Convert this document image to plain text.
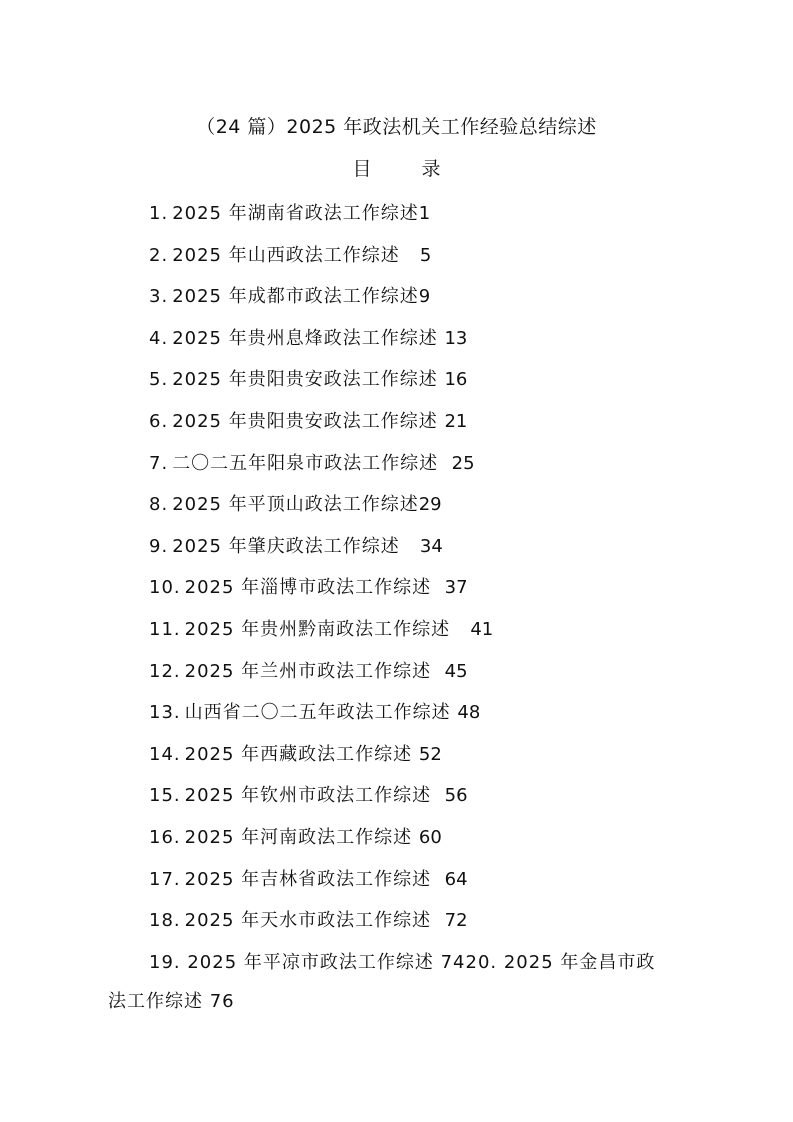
（24 篇）2025 年政法机关工作经验总结综述
目 录
1. 2025 年湖南省政法工作综述1
2. 2025 年山西政法工作综述 5
3. 2025 年成都市政法工作综述9
4. 2025 年贵州息烽政法工作综述 13
5. 2025 年贵阳贵安政法工作综述 16
6. 2025 年贵阳贵安政法工作综述 21
7. 二〇二五年阳泉市政法工作综述 25
8. 2025 年平顶山政法工作综述29
9. 2025 年肇庆政法工作综述 34
10. 2025 年淄博市政法工作综述 37
11. 2025 年贵州黔南政法工作综述 41
12. 2025 年兰州市政法工作综述 45
13. 山西省二〇二五年政法工作综述 48
14. 2025 年西藏政法工作综述 52
15. 2025 年钦州市政法工作综述 56
16. 2025 年河南政法工作综述 60
17. 2025 年吉林省政法工作综述 64
18. 2025 年天水市政法工作综述 72
19. 2025 年平凉市政法工作综述 7420. 2025 年金昌市政
法工作综述 76
